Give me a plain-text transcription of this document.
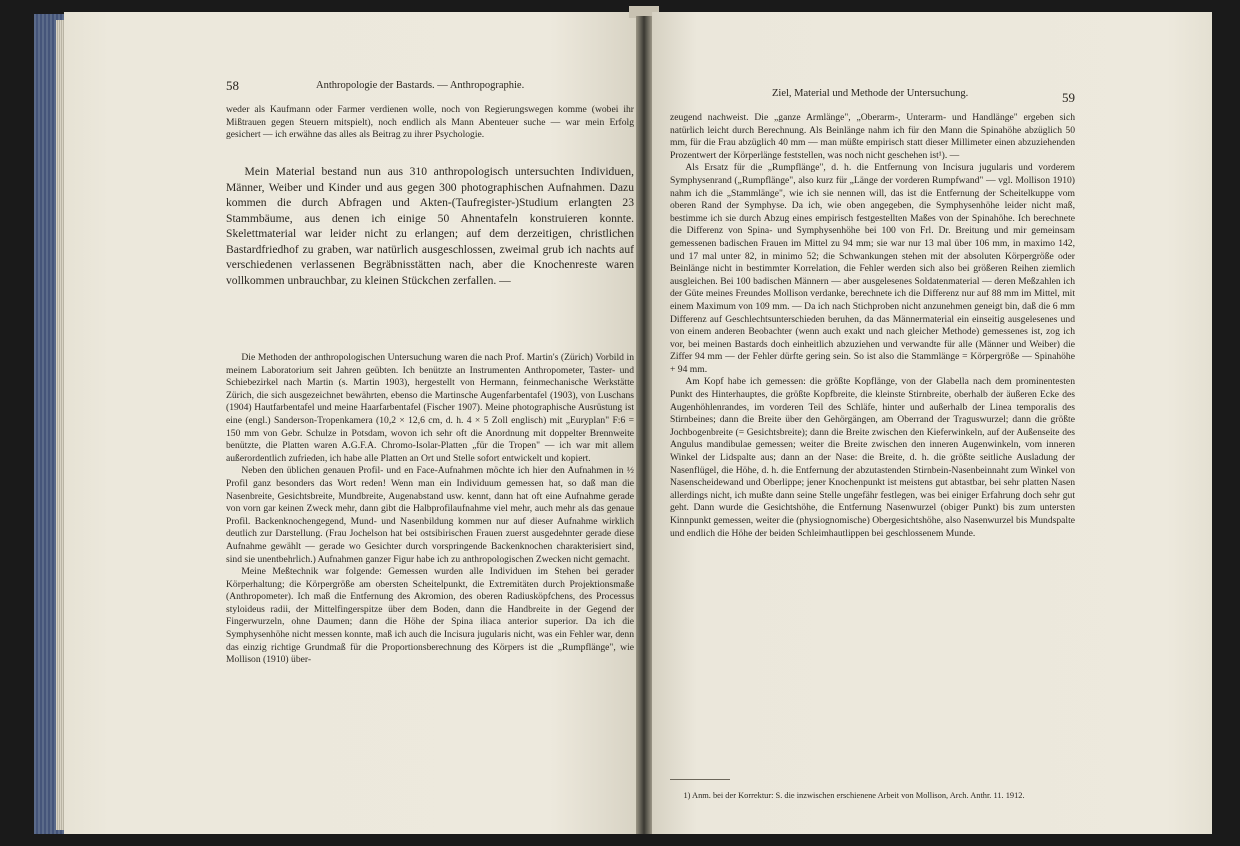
58	Anthropologie der Bastards. — Anthropographie.

weder als Kaufmann oder Farmer verdienen wolle, noch von Regierungswegen komme (wobei ihr Mißtrauen gegen Steuern mitspielt), noch endlich als Mann Abenteuer suche — war mein Erfolg gesichert — ich erwähne das alles als Beitrag zu ihrer Psychologie.

Mein Material bestand nun aus 310 anthropologisch untersuchten Individuen, Männer, Weiber und Kinder und aus gegen 300 photographischen Aufnahmen. Dazu kommen die durch Abfragen und Akten-(Taufregister-)Studium erlangten 23 Stammbäume, aus denen ich einige 50 Ahnentafeln konstruieren konnte. Skelettmaterial war leider nicht zu erlangen; auf dem derzeitigen, christlichen Bastardfriedhof zu graben, war natürlich ausgeschlossen, zweimal grub ich nachts auf verschiedenen verlassenen Begräbnisstätten nach, aber die Knochenreste waren vollkommen unbrauchbar, zu kleinen Stückchen zerfallen. —

Die Methoden der anthropologischen Untersuchung waren die nach Prof. Martin's (Zürich) Vorbild in meinem Laboratorium seit Jahren geübten. Ich benützte an Instrumenten Anthropometer, Taster- und Schiebezirkel nach Martin (s. Martin 1903), hergestellt von Hermann, feinmechanische Werkstätte Zürich, die sich ausgezeichnet bewährten, ebenso die Martinsche Augenfarbentafel (1903), von Luschans (1904) Hautfarbentafel und meine Haarfarbentafel (Fischer 1907). Meine photographische Ausrüstung ist eine (engl.) Sanderson-Tropenkamera (10,2 × 12,6 cm, d. h. 4 × 5 Zoll englisch) mit „Euryplan" F:6 = 150 mm von Gebr. Schulze in Potsdam, wovon ich sehr oft die Anordnung mit doppelter Brennweite benützte, die Platten waren A.G.F.A. Chromo-Isolar-Platten „für die Tropen" — ich war mit allem außerordentlich zufrieden, ich habe alle Platten an Ort und Stelle sofort entwickelt und kopiert.

Neben den üblichen genauen Profil- und en Face-Aufnahmen möchte ich hier den Aufnahmen in ½ Profil ganz besonders das Wort reden! Wenn man ein Individuum gemessen hat, so daß man die Nasenbreite, Gesichtsbreite, Mundbreite, Augenabstand usw. kennt, dann hat oft eine Aufnahme gerade von vorn gar keinen Zweck mehr, dann gibt die Halbprofilaufnahme viel mehr, auch mehr als das genaue Profil. Backenknochengegend, Mund- und Nasenbildung kommen nur auf dieser Aufnahme wirklich deutlich zur Darstellung. (Frau Jochelson hat bei ostsibirischen Frauen zuerst ausgedehnter gerade diese Aufnahme gewählt — gerade wo Gesichter durch vorspringende Backenknochen charakterisiert sind, sind sie unentbehrlich.) Aufnahmen ganzer Figur habe ich zu anthropologischen Zwecken nicht gemacht.

Meine Meßtechnik war folgende: Gemessen wurden alle Individuen im Stehen bei gerader Körperhaltung; die Körpergröße am obersten Scheitelpunkt, die Extremitäten durch Projektionsmaße (Anthropometer). Ich maß die Entfernung des Akromion, des oberen Radiusköpfchens, des Processus styloideus radii, der Mittelfingerspitze über dem Boden, dann die Handbreite in der Gegend der Fingerwurzeln, ohne Daumen; dann die Höhe der Spina iliaca anterior superior. Da ich die Symphysenhöhe nicht messen konnte, maß ich auch die Incisura jugularis nicht, was ein Fehler war, denn das einzig richtige Grundmaß für die Proportionsberechnung des Körpers ist die „Rumpflänge", wie Mollison (1910) über-

Ziel, Material und Methode der Untersuchung.	59

zeugend nachweist. Die „ganze Armlänge", „Oberarm-, Unterarm- und Handlänge" ergeben sich natürlich leicht durch Berechnung. Als Beinlänge nahm ich für den Mann die Spinahöhe abzüglich 50 mm, für die Frau abzüglich 40 mm — man müßte empirisch statt dieser Millimeter einen abzuziehenden Prozentwert der Körperlänge feststellen, was noch nicht geschehen ist¹). —

Als Ersatz für die „Rumpflänge", d. h. die Entfernung von Incisura jugularis und vorderem Symphysenrand („Rumpflänge", also kurz für „Länge der vorderen Rumpfwand" — vgl. Mollison 1910) nahm ich die „Stammlänge", wie ich sie nennen will, das ist die Entfernung der Scheitelkuppe vom oberen Rand der Symphyse. Da ich, wie oben angegeben, die Symphysenhöhe leider nicht maß, bestimme ich sie durch Abzug eines empirisch festgestellten Maßes von der Spinahöhe. Ich berechnete die Differenz von Spina- und Symphysenhöhe bei 100 von Frl. Dr. Breitung und mir gemeinsam gemessenen badischen Frauen im Mittel zu 94 mm; sie war nur 13 mal über 106 mm, in maximo 142, und 17 mal unter 82, in minimo 52; die Schwankungen stehen mit der absoluten Körpergröße oder Beinlänge nicht in bestimmter Korrelation, die Fehler werden sich also bei größeren Reihen ziemlich ausgleichen. Bei 100 badischen Männern — aber ausgelesenes Soldatenmaterial — deren Meßzahlen ich der Güte meines Freundes Mollison verdanke, berechnete ich die Differenz nur auf 88 mm im Mittel, mit einem Maximum von 109 mm. — Da ich nach Stichproben nicht anzunehmen geneigt bin, daß die 6 mm Differenz auf Geschlechtsunterschieden beruhen, da das Männermaterial ein einseitig ausgelesenes und von einem anderen Beobachter (wenn auch exakt und nach gleicher Methode) gemessenes ist, zog ich vor, bei meinen Bastards doch einheitlich abzuziehen und verwandte für alle (Männer und Weiber) die Ziffer 94 mm — der Fehler dürfte gering sein. So ist also die Stammlänge = Körpergröße — Spinahöhe + 94 mm.

Am Kopf habe ich gemessen: die größte Kopflänge, von der Glabella nach dem prominentesten Punkt des Hinterhauptes, die größte Kopfbreite, die kleinste Stirnbreite, oberhalb der äußeren Ecke des Augenhöhlenrandes, im vorderen Teil des Schläfe, hinter und außerhalb der Linea temporalis des Stirnbeines; dann die Breite über den Gehörgängen, am Oberrand der Traguswurzel; dann die größte Jochbogenbreite (= Gesichtsbreite); dann die Breite zwischen den Kieferwinkeln, auf der Außenseite des Angulus mandibulae gemessen; weiter die Breite zwischen den inneren Augenwinkeln, vom inneren Winkel der Lidspalte aus; dann an der Nase: die Breite, d. h. die größte seitliche Ausladung der Nasenflügel, die Höhe, d. h. die Entfernung der abzutastenden Stirnbein-Nasenbeinnaht zum Winkel von Nasenscheidewand und Oberlippe; jener Knochenpunkt ist meistens gut abtastbar, bei sehr platten Nasen allerdings nicht, ich mußte dann seine Stelle ungefähr festlegen, was bei einiger Erfahrung doch sehr gut geht. Dann wurde die Gesichtshöhe, die Entfernung Nasenwurzel (obiger Punkt) bis zum untersten Kinnpunkt gemessen, weiter die (physiognomische) Obergesichtshöhe, also Nasenwurzel bis Mundspalte und endlich die Höhe der beiden Schleimhautlippen bei geschlossenem Munde.

1) Anm. bei der Korrektur: S. die inzwischen erschienene Arbeit von Mollison, Arch. Anthr. 11. 1912.
